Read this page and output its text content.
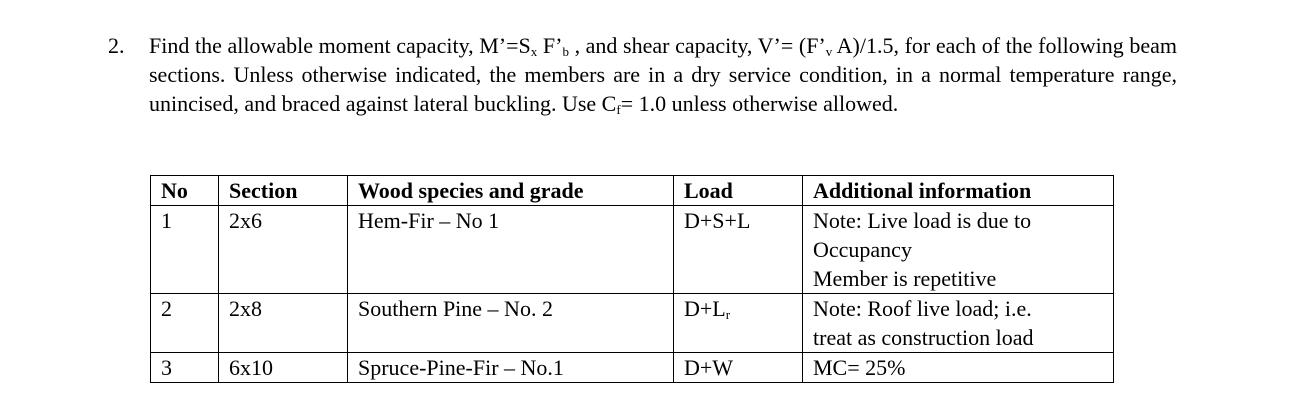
2.	Find the allowable moment capacity, $M’=S_x$ $F’_b$ , and shear capacity, V’= ($F’_v$ A)/1.5, for each of the following beam sections. Unless otherwise indicated, the members are in a dry service condition, in a normal temperature range, unincised, and braced against lateral buckling. Use $C_f= 1.0$ unless otherwise allowed.
No	Section	Wood species and grade	Load	Additional information
1	2x6	Hem-Fir – No 1	D+S+L	Note: Live load is due to
Occupancy
Member is repetitive

2	2x8	Southern Pine – No. 2	$D+L_r$	Note: Roof live load; i.e.
treat as construction load

3	6x10	Spruce-Pine-Fir – No.1	D+W	MC= 25%
